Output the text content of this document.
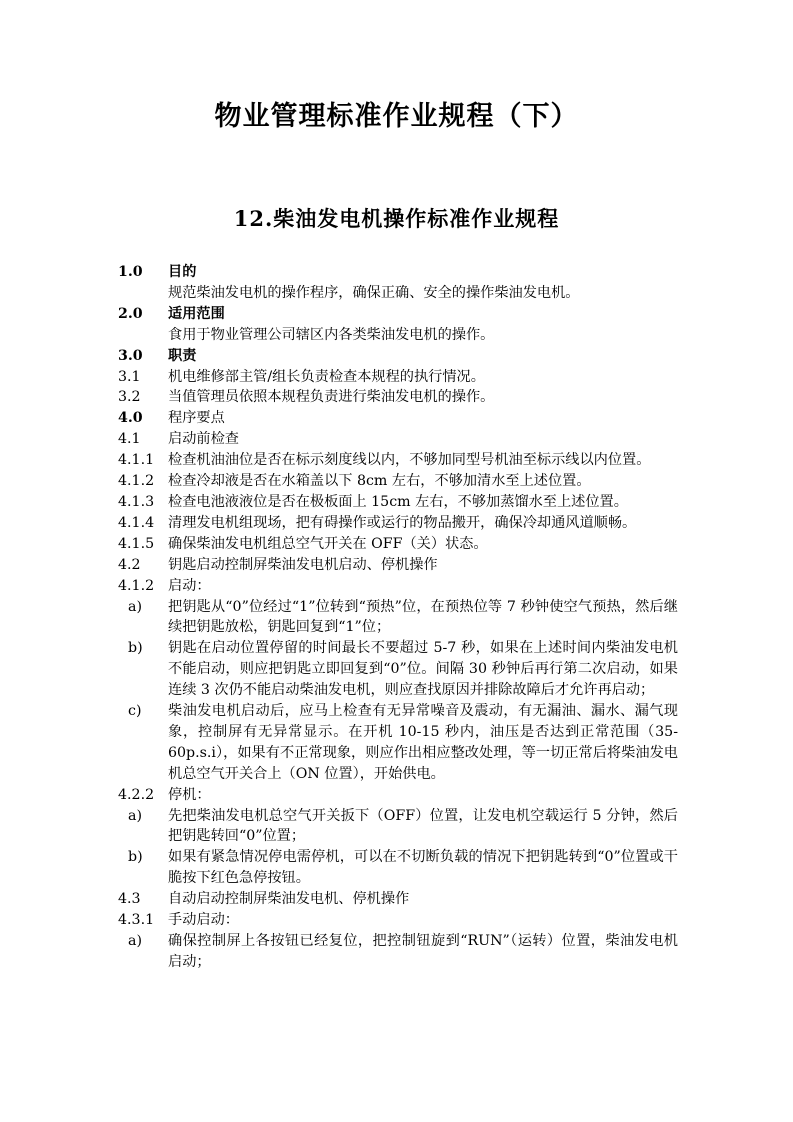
物业管理标准作业规程（下）
12.柴油发电机操作标准作业规程
1.0	目的
规范柴油发电机的操作程序，确保正确、安全的操作柴油发电机。
2.0	适用范围
食用于物业管理公司辖区内各类柴油发电机的操作。
3.0	职责
3.1	机电维修部主管/组长负责检查本规程的执行情况。
3.2	当值管理员依照本规程负责进行柴油发电机的操作。
4.0	程序要点
4.1	启动前检查
4.1.1 检查机油油位是否在标示刻度线以内，不够加同型号机油至标示线以内位置。
4.1.2 检查冷却液是否在水箱盖以下 8cm 左右，不够加清水至上述位置。
4.1.3 检查电池液液位是否在极板面上 15cm 左右，不够加蒸馏水至上述位置。
4.1.4 清理发电机组现场，把有碍操作或运行的物品搬开，确保冷却通风道顺畅。
4.1.5 确保柴油发电机组总空气开关在 OFF（关）状态。
4.2	钥匙启动控制屏柴油发电机启动、停机操作
4.1.2 启动：
a)	把钥匙从“0”位经过“1”位转到“预热”位，在预热位等 7 秒钟使空气预热，然后继续把钥匙放松，钥匙回复到“1”位；
b)	钥匙在启动位置停留的时间最长不要超过 5-7 秒，如果在上述时间内柴油发电机不能启动，则应把钥匙立即回复到“0”位。间隔 30 秒钟后再行第二次启动，如果连续 3 次仍不能启动柴油发电机，则应查找原因并排除故障后才允许再启动；
c)	柴油发电机启动后，应马上检查有无异常噪音及震动，有无漏油、漏水、漏气现象，控制屏有无异常显示。在开机 10-15 秒内，油压是否达到正常范围（35-60p.s.i），如果有不正常现象，则应作出相应整改处理，等一切正常后将柴油发电机总空气开关合上（ON 位置），开始供电。
4.2.2 停机：
a)	先把柴油发电机总空气开关扳下（OFF）位置，让发电机空载运行 5 分钟，然后把钥匙转回“0”位置；
b)	如果有紧急情况停电需停机，可以在不切断负载的情况下把钥匙转到“0”位置或干脆按下红色急停按钮。
4.3	自动启动控制屏柴油发电机、停机操作
4.3.1 手动启动：
a)	确保控制屏上各按钮已经复位，把控制钮旋到“RUN”（运转）位置，柴油发电机启动；
